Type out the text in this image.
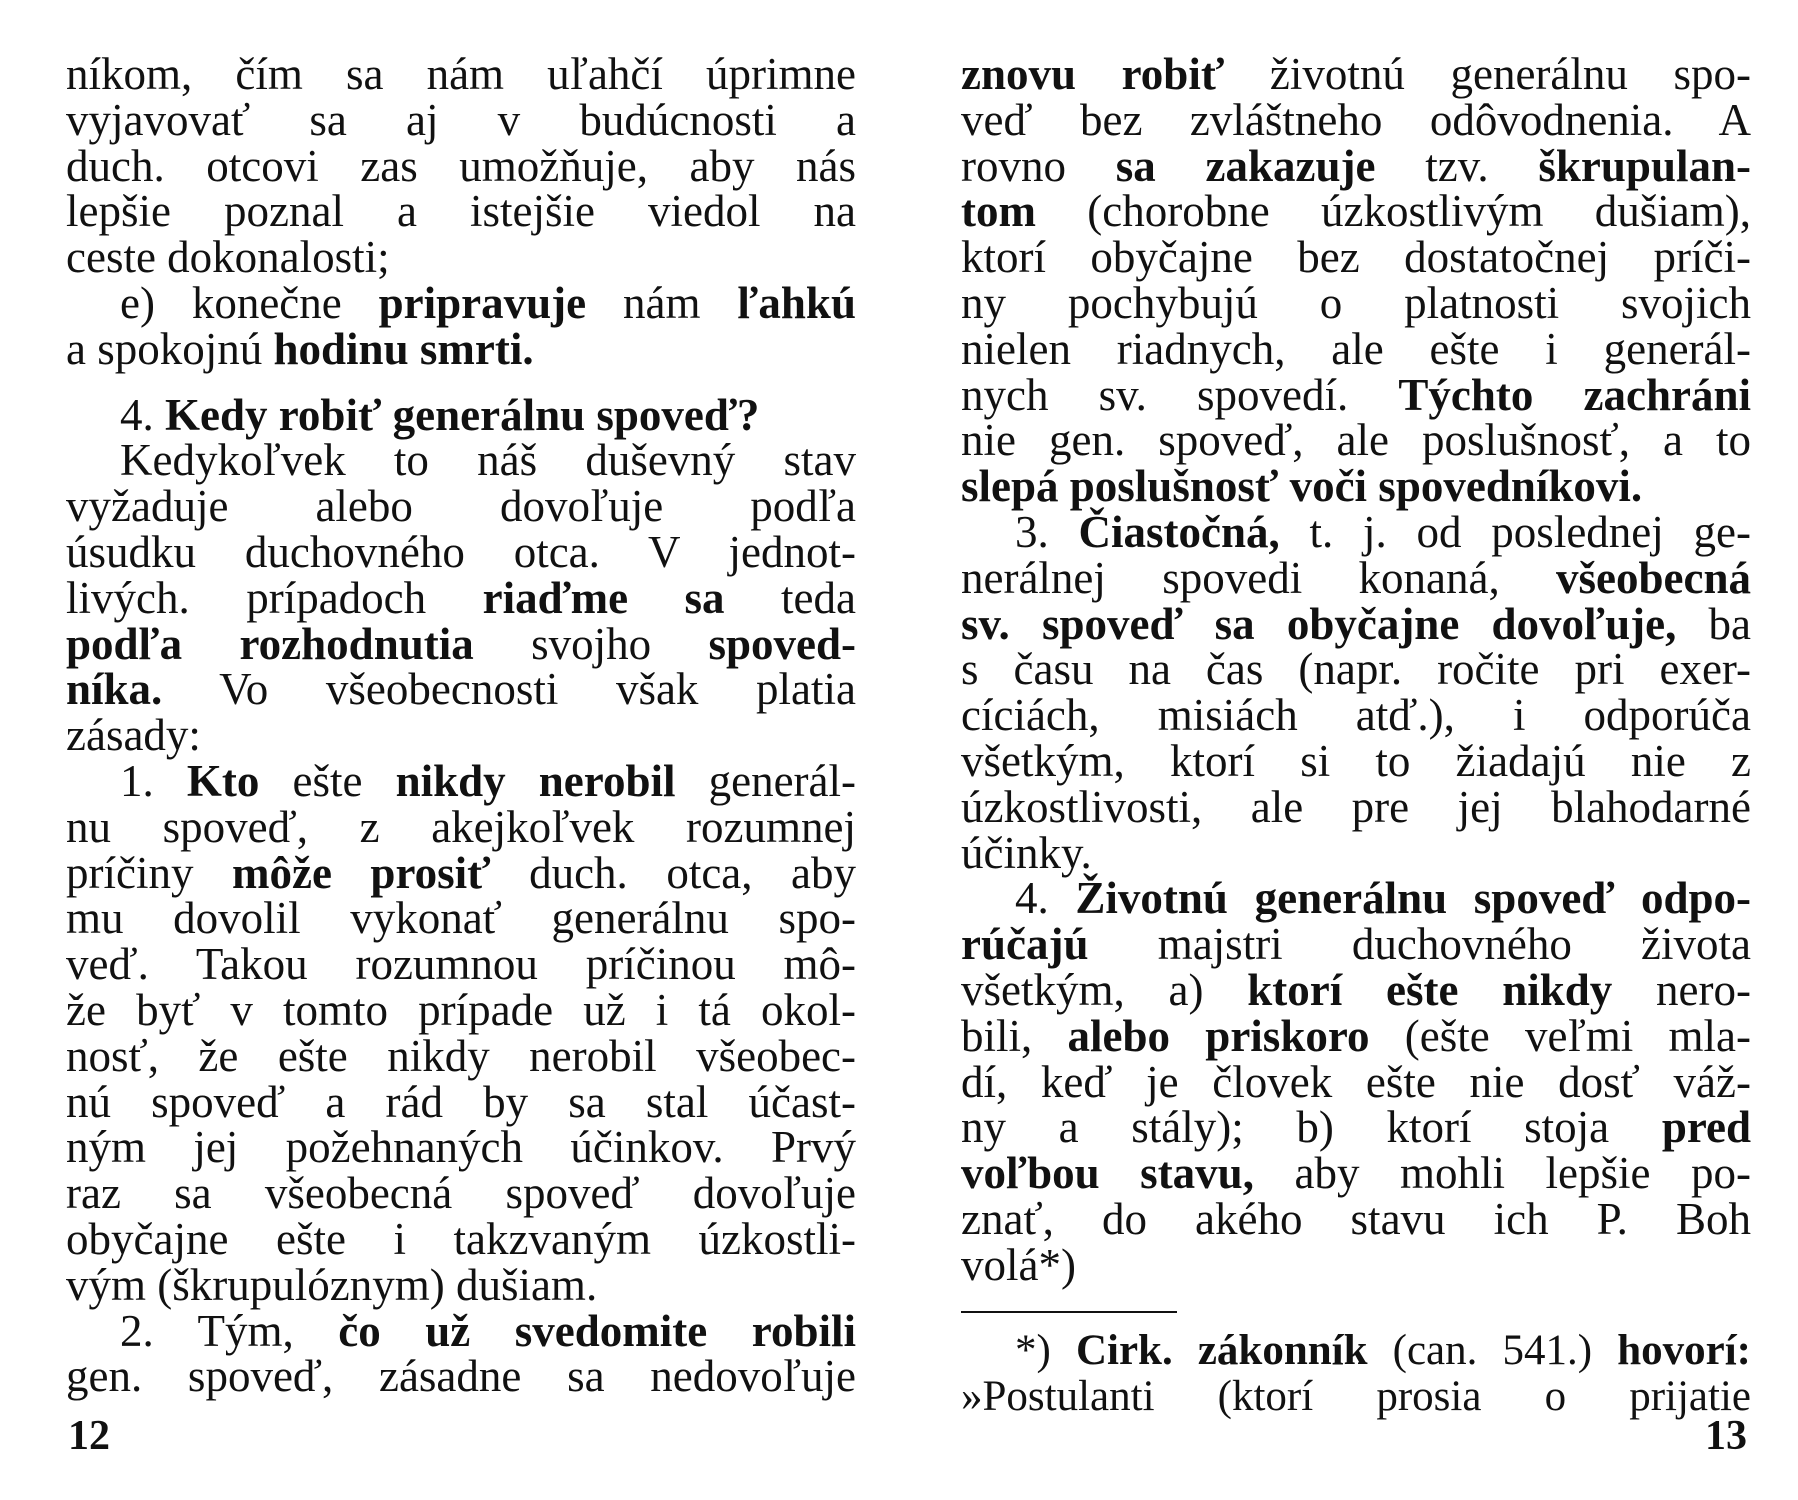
níkom, čím sa nám uľahčí úprimne
vyjavovať sa aj v budúcnosti a
duch. otcovi zas umožňuje, aby nás
lepšie poznal a istejšie viedol na
ceste dokonalosti;
e) konečne pripravuje nám ľahkú
a spokojnú hodinu smrti.
4. Kedy robiť generálnu spoveď?
Kedykoľvek to náš duševný stav
vyžaduje alebo dovoľuje podľa
úsudku duchovného otca. V jednot-
livých. prípadoch riaďme sa teda
podľa rozhodnutia svojho spoved-
níka. Vo všeobecnosti však platia
zásady:
1. Kto ešte nikdy nerobil generál-
nu spoveď, z akejkoľvek rozumnej
príčiny môže prosiť duch. otca, aby
mu dovolil vykonať generálnu spo-
veď. Takou rozumnou príčinou mô-
že byť v tomto prípade už i tá okol-
nosť, že ešte nikdy nerobil všeobec-
nú spoveď a rád by sa stal účast-
ným jej požehnaných účinkov. Prvý
raz sa všeobecná spoveď dovoľuje
obyčajne ešte i takzvaným úzkostli-
vým (škrupulóznym) dušiam.
2. Tým, čo už svedomite robili
gen. spoveď, zásadne sa nedovoľuje
12
znovu robiť životnú generálnu spo-
veď bez zvláštneho odôvodnenia. A
rovno sa zakazuje tzv. škrupulan-
tom (chorobne úzkostlivým dušiam),
ktorí obyčajne bez dostatočnej príči-
ny pochybujú o platnosti svojich
nielen riadnych, ale ešte i generál-
nych sv. spovedí. Týchto zachráni
nie gen. spoveď, ale poslušnosť, a to
slepá poslušnosť voči spovedníkovi.
3. Čiastočná, t. j. od poslednej ge-
nerálnej spovedi konaná, všeobecná
sv. spoveď sa obyčajne dovoľuje, ba
s času na čas (napr. ročite pri exer-
cíciách, misiách atď.), i odporúča
všetkým, ktorí si to žiadajú nie z
úzkostlivosti, ale pre jej blahodarné
účinky.
4. Životnú generálnu spoveď odpo-
rúčajú majstri duchovného života
všetkým, a) ktorí ešte nikdy nero-
bili, alebo priskoro (ešte veľmi mla-
dí, keď je človek ešte nie dosť váž-
ny a stály); b) ktorí stoja pred
voľbou stavu, aby mohli lepšie po-
znať, do akého stavu ich P. Boh
volá*)
*) Cirk. zákonník (can. 541.) hovorí:
»Postulanti (ktorí prosia o prijatie
13
